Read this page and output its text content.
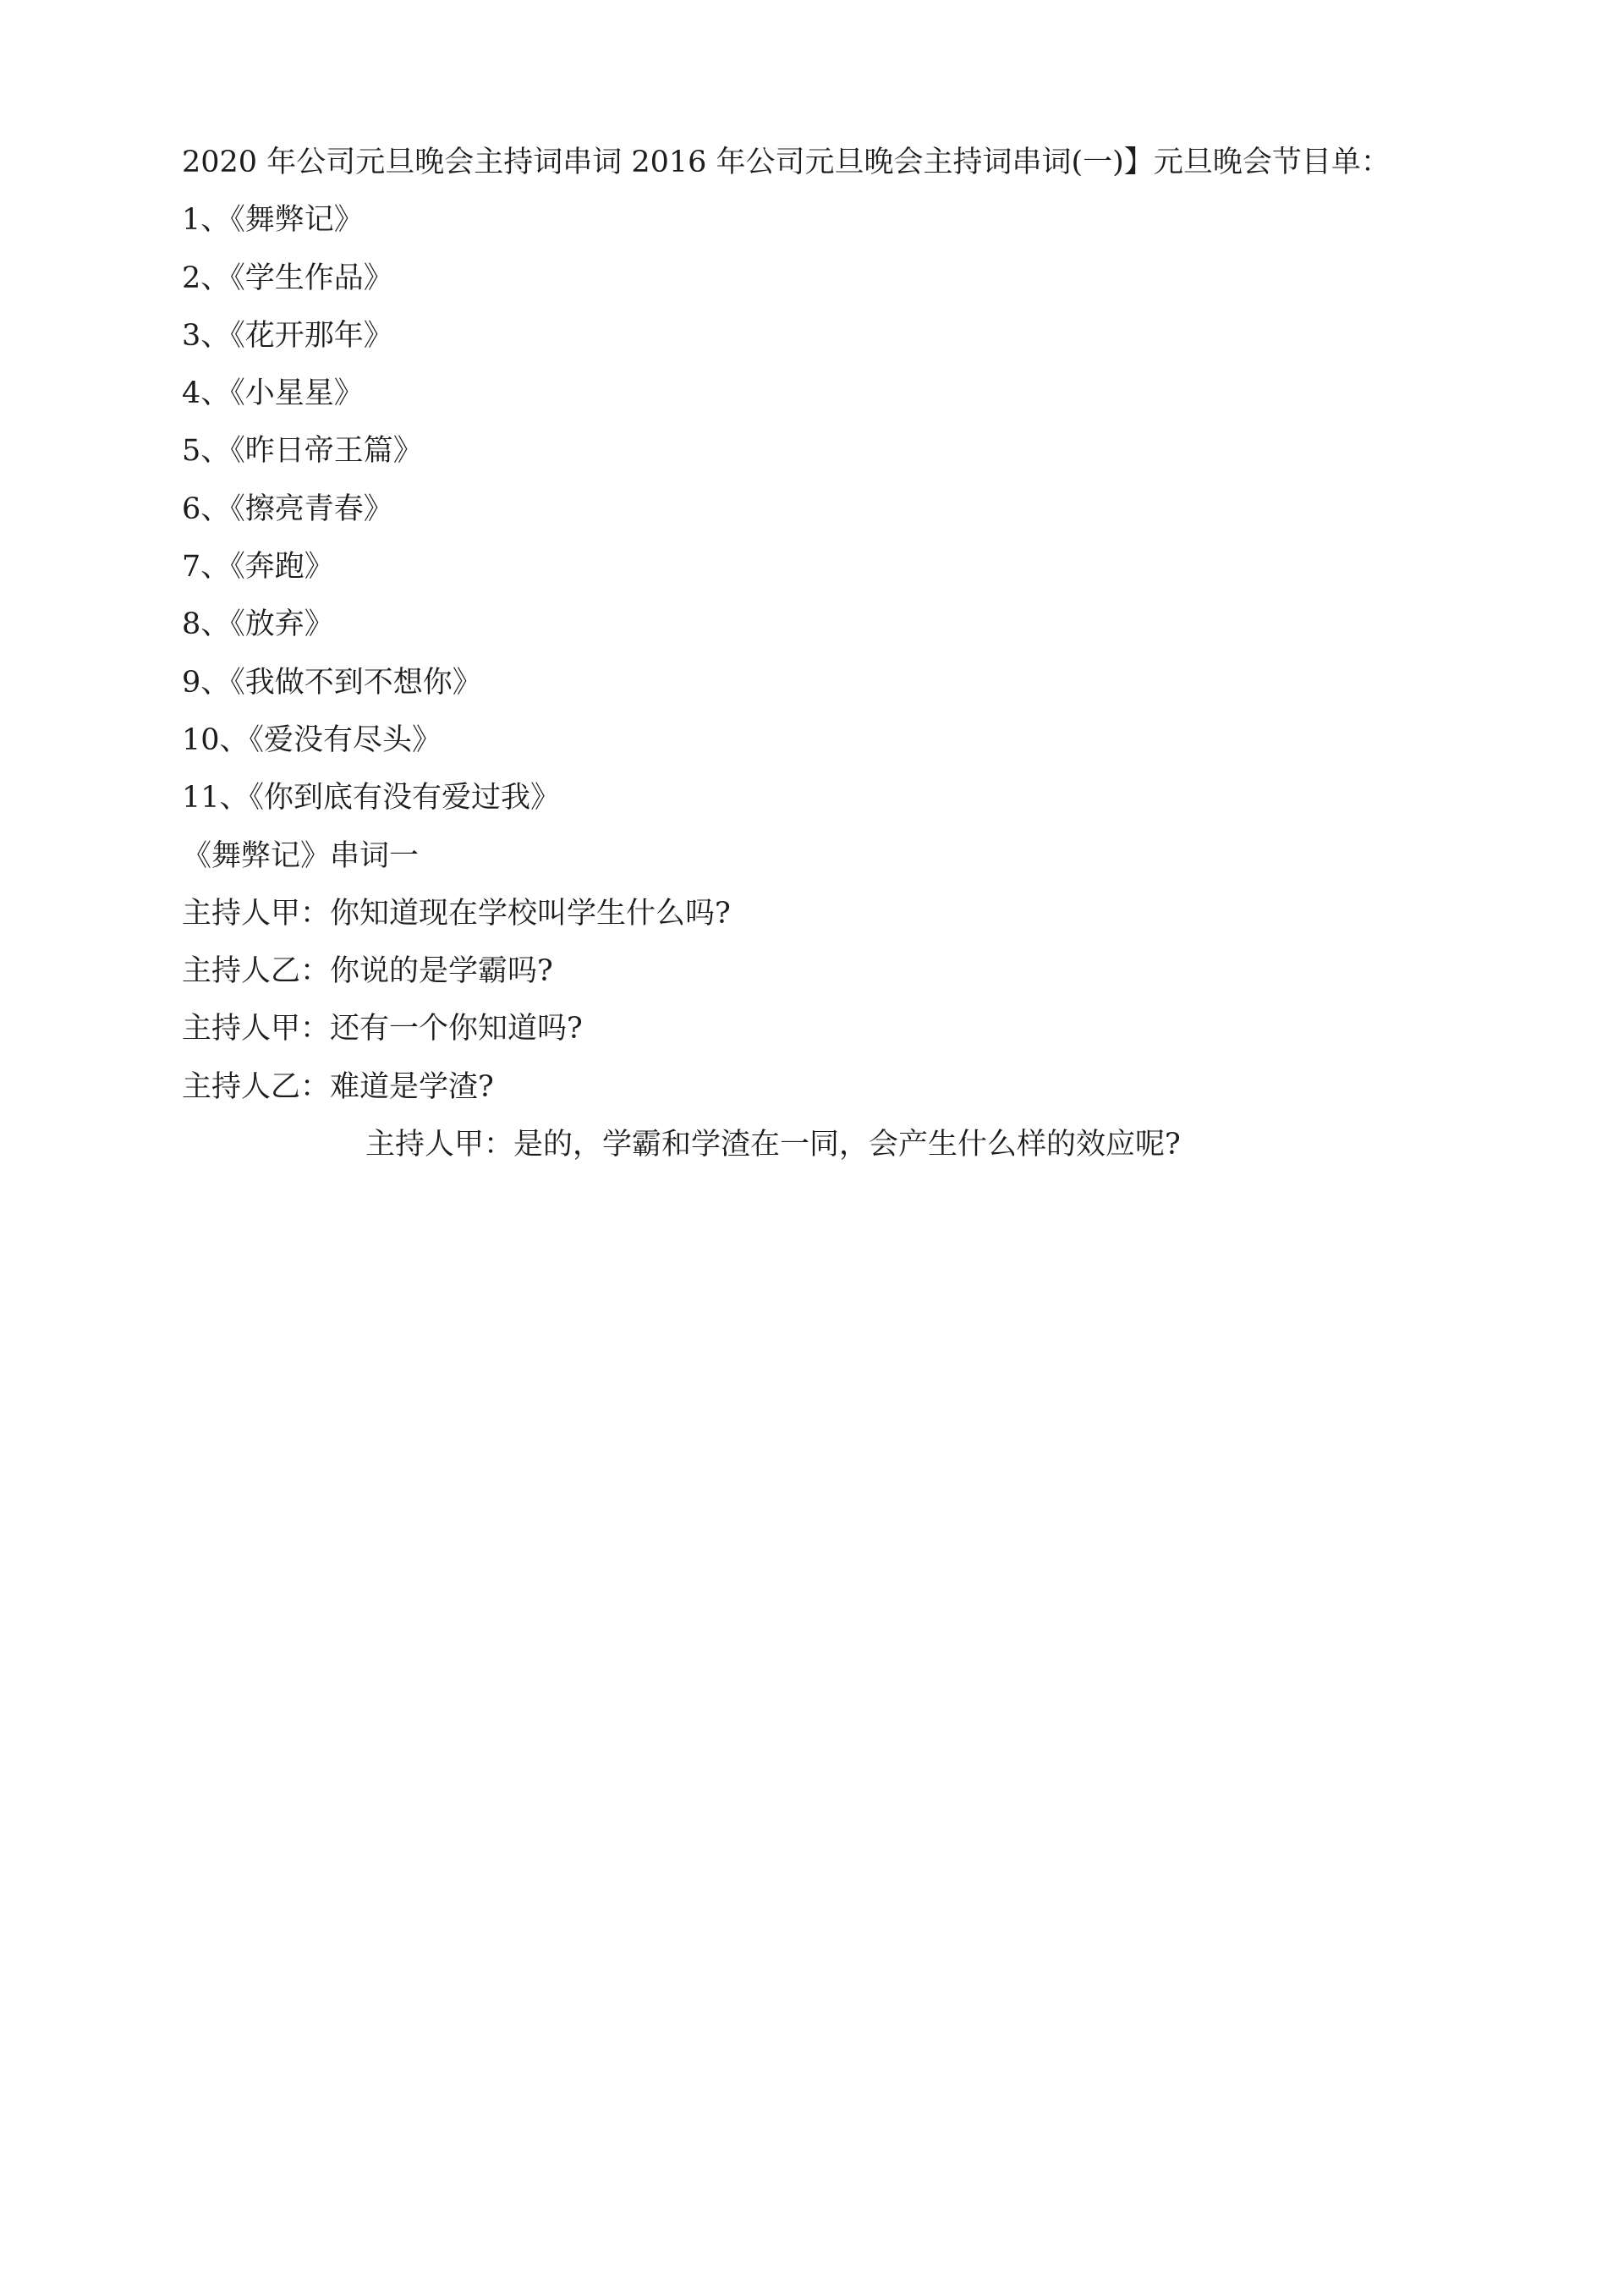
2020 年公司元旦晚会主持词串词 2016 年公司元旦晚会主持词串词(一)】元旦晚会节目单：
1、《舞弊记》
2、《学生作品》
3、《花开那年》
4、《小星星》
5、《昨日帝王篇》
6、《擦亮青春》
7、《奔跑》
8、《放弃》
9、《我做不到不想你》
10、《爱没有尽头》
11、《你到底有没有爱过我》
《舞弊记》串词一
主持人甲：你知道现在学校叫学生什么吗?
主持人乙：你说的是学霸吗?
主持人甲：还有一个你知道吗?
主持人乙：难道是学渣?
主持人甲：是的，学霸和学渣在一同，会产生什么样的效应呢?
